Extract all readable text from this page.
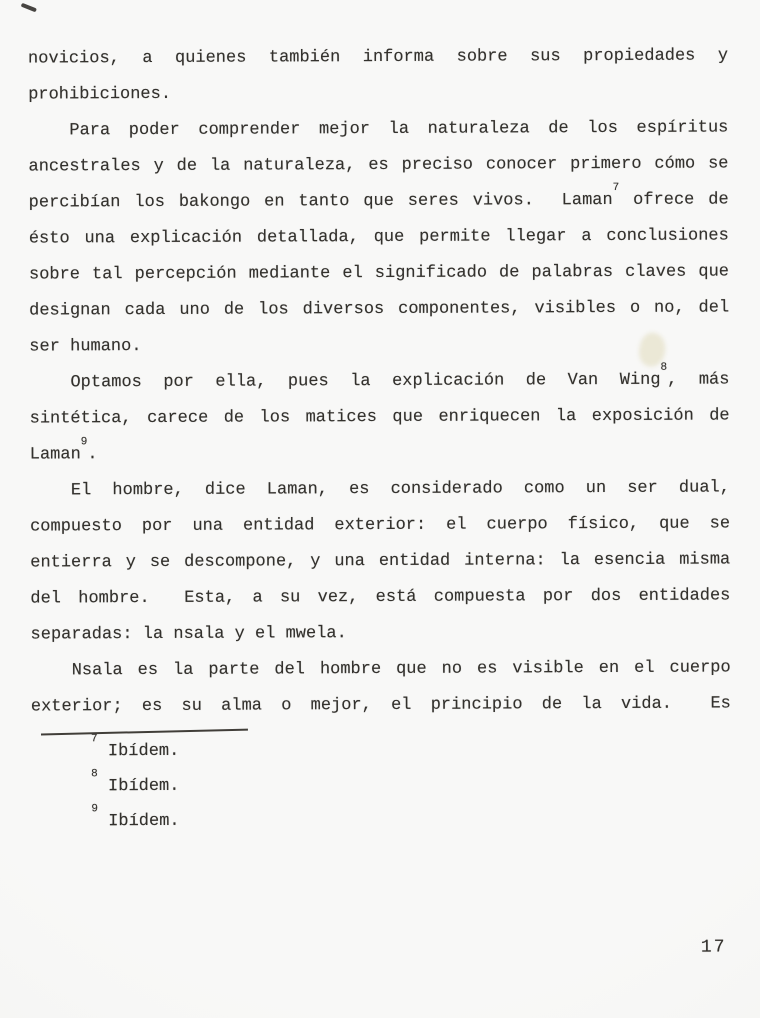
novicios, a quienes también informa sobre sus propiedades y
prohibiciones.
Para poder comprender mejor la naturaleza de los espíritus
ancestrales y de la naturaleza, es preciso conocer primero cómo se
percibían los bakongo en tanto que seres vivos.  Laman$^7$ ofrece de
ésto una explicación detallada, que permite llegar a conclusiones
sobre tal percepción mediante el significado de palabras claves que
designan cada uno de los diversos componentes, visibles o no, del
ser humano.
Optamos por ella, pues la explicación de Van Wing$^8$, más
sintética, carece de los matices que enriquecen la exposición de
Laman$^9$.
El hombre, dice Laman, es considerado como un ser dual,
compuesto por una entidad exterior: el cuerpo físico, que se
entierra y se descompone, y una entidad interna: la esencia misma
del hombre.  Esta, a su vez, está compuesta por dos entidades
separadas: la nsala y el mwela.
Nsala es la parte del hombre que no es visible en el cuerpo
exterior; es su alma o mejor, el principio de la vida.  Es
$^7$ Ibídem.
$^8$ Ibídem.
$^9$ Ibídem.
17
